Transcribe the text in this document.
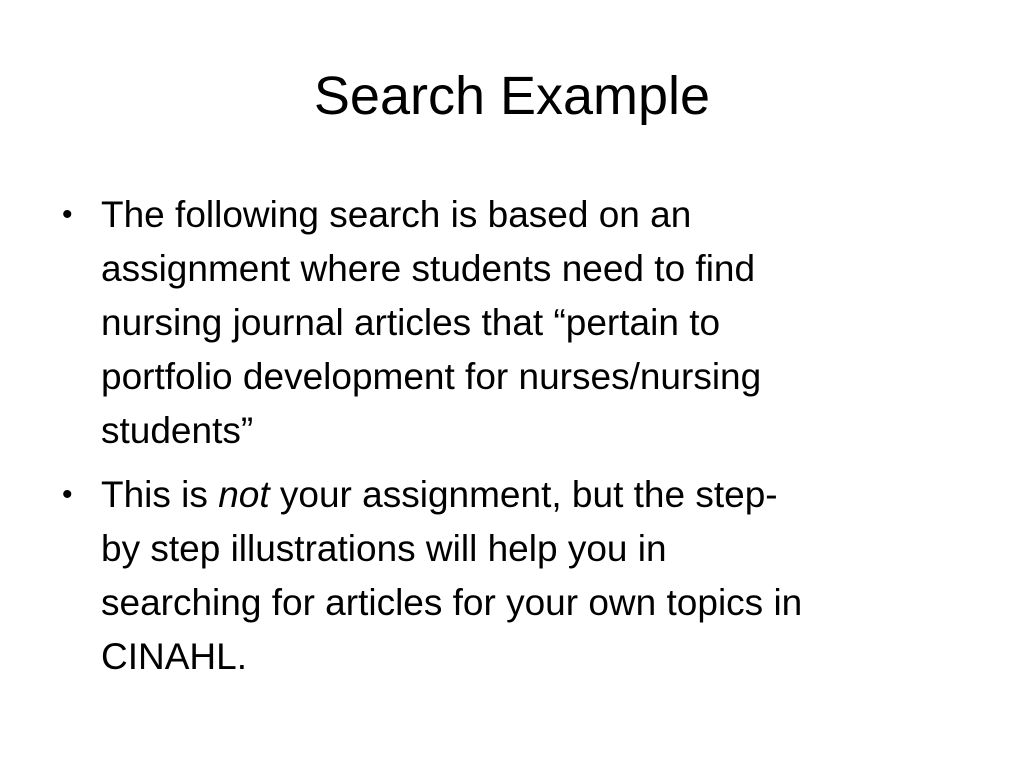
Search Example
• The following search is based on an
assignment where students need to find
nursing journal articles that “pertain to
portfolio development for nurses/nursing
students”
• This is not your assignment, but the step-
by step illustrations will help you in
searching for articles for your own topics in
CINAHL.
